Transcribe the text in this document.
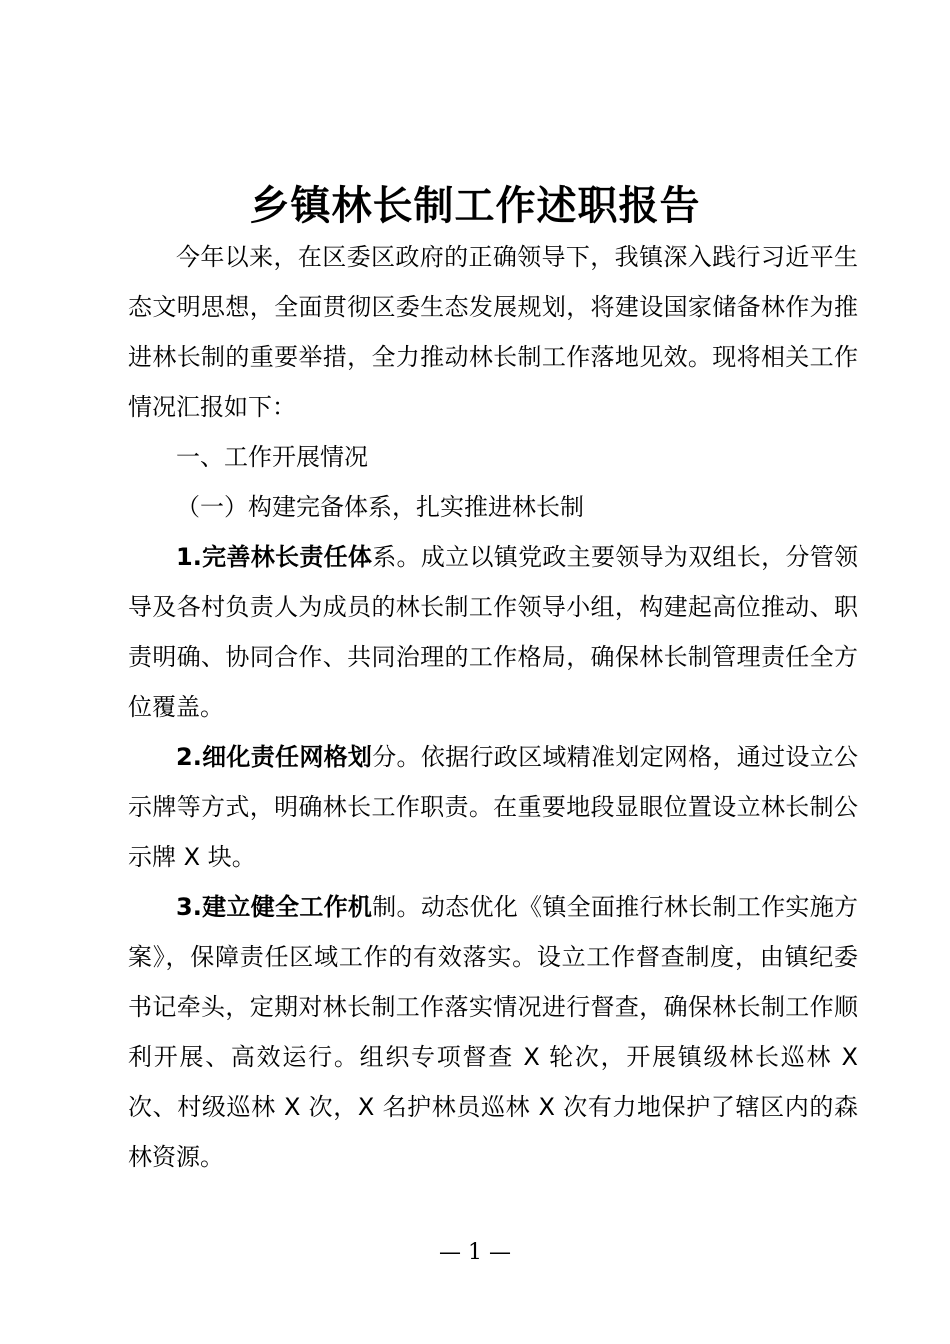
乡镇林长制工作述职报告

今年以来，在区委区政府的正确领导下，我镇深入践行习近平生态文明思想，全面贯彻区委生态发展规划，将建设国家储备林作为推进林长制的重要举措，全力推动林长制工作落地见效。现将相关工作情况汇报如下：

一、工作开展情况

（一）构建完备体系，扎实推进林长制

1.完善林长责任体系。成立以镇党政主要领导为双组长，分管领导及各村负责人为成员的林长制工作领导小组，构建起高位推动、职责明确、协同合作、共同治理的工作格局，确保林长制管理责任全方位覆盖。

2.细化责任网格划分。依据行政区域精准划定网格，通过设立公示牌等方式，明确林长工作职责。在重要地段显眼位置设立林长制公示牌 X 块。

3.建立健全工作机制。动态优化《镇全面推行林长制工作实施方案》，保障责任区域工作的有效落实。设立工作督查制度，由镇纪委书记牵头，定期对林长制工作落实情况进行督查，确保林长制工作顺利开展、高效运行。组织专项督查 X 轮次，开展镇级林长巡林 X 次、村级巡林 X 次，X 名护林员巡林 X 次有力地保护了辖区内的森林资源。

— 1 —
